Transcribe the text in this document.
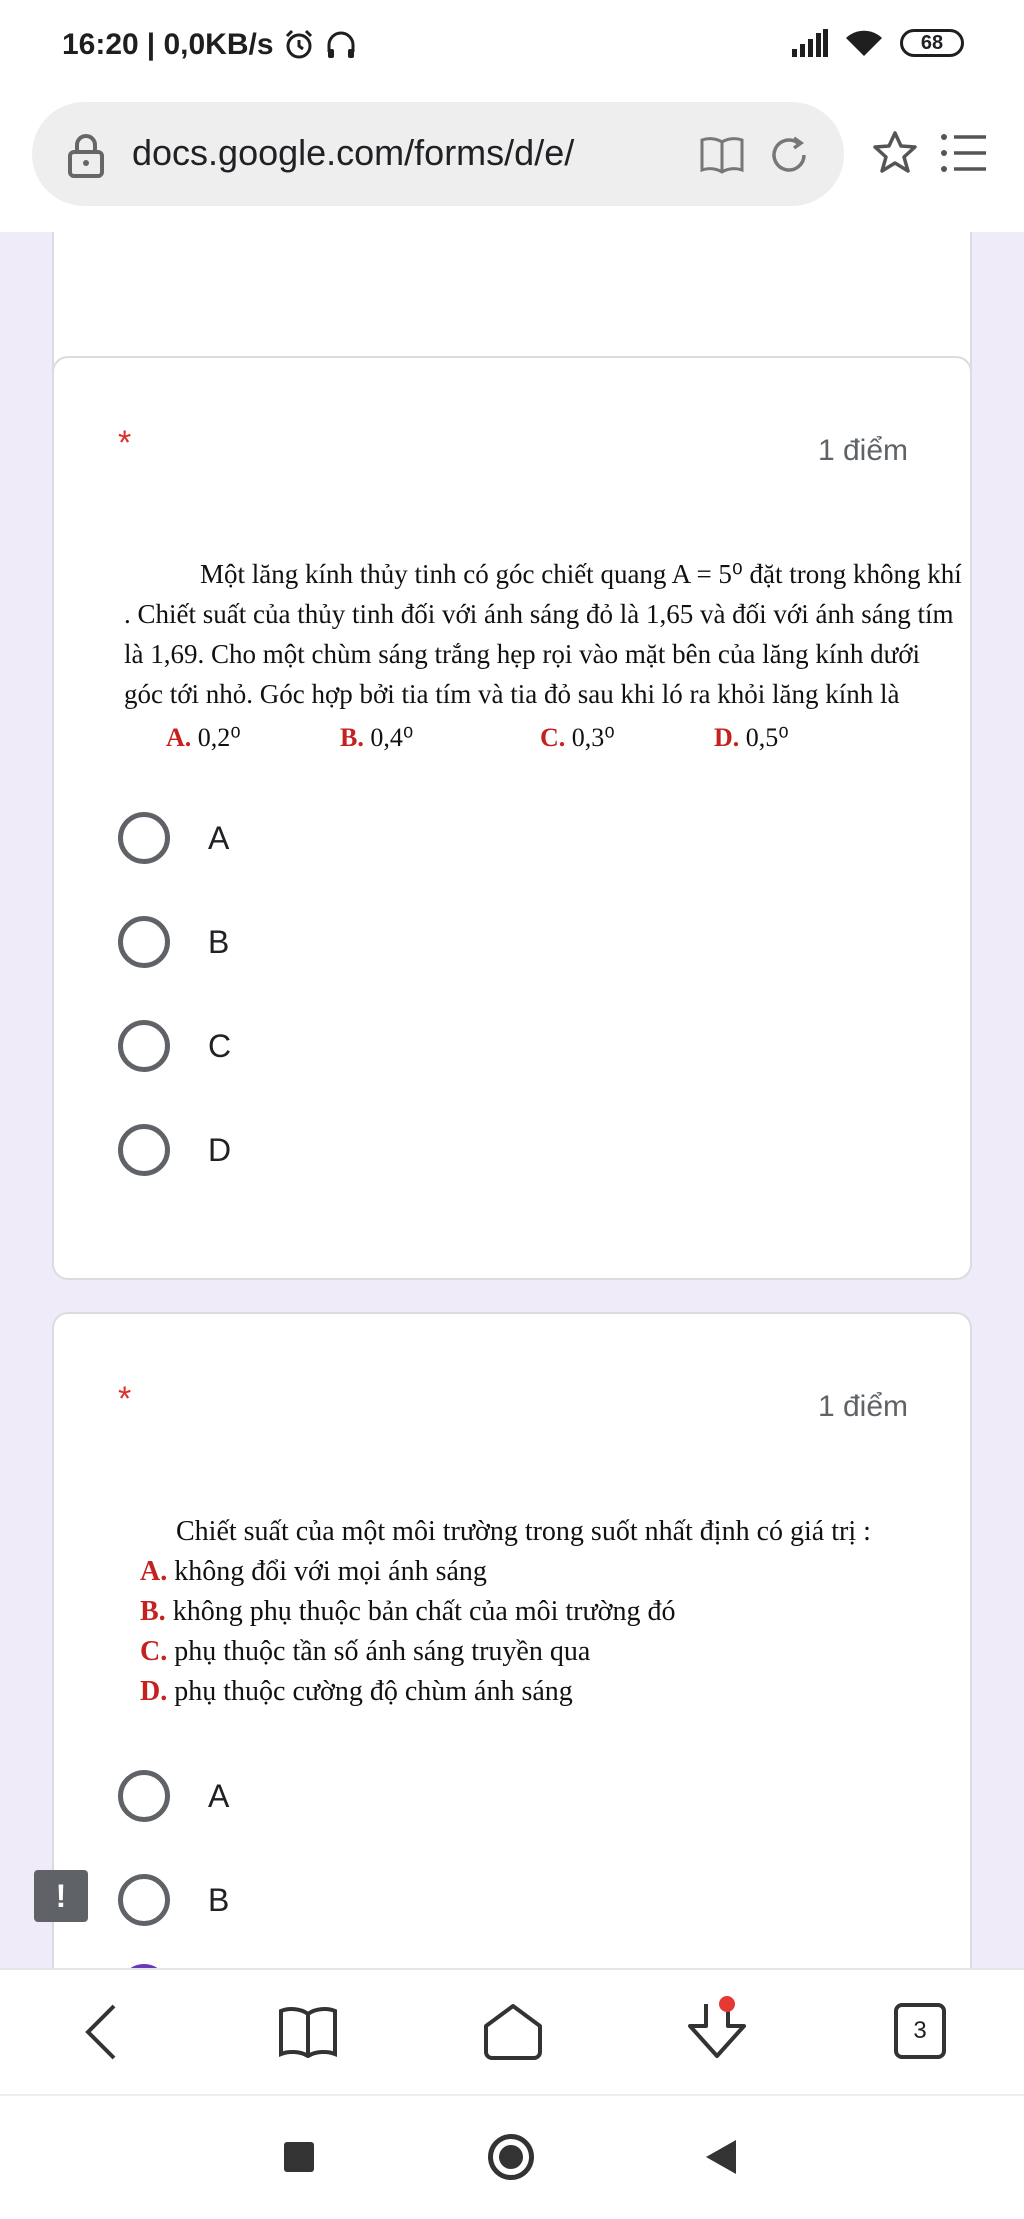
16:20 | 0,0KB/s	68
docs.google.com/forms/d/e/
*	1 điểm

Một lăng kính thủy tinh có góc chiết quang A = 5⁰ đặt trong không khí . Chiết suất của thủy tinh đối với ánh sáng đỏ là 1,65 và đối với ánh sáng tím là 1,69. Cho một chùm sáng trắng hẹp rọi vào mặt bên của lăng kính dưới góc tới nhỏ. Góc hợp bởi tia tím và tia đỏ sau khi ló ra khỏi lăng kính là

A. 0,2⁰	B. 0,4⁰	C. 0,3⁰	D. 0,5⁰
A
B
C
D
*	1 điểm
Chiết suất của một môi trường trong suốt nhất định có giá trị :
A. không đổi với mọi ánh sáng
B. không phụ thuộc bản chất của môi trường đó
C. phụ thuộc tần số ánh sáng truyền qua
D. phụ thuộc cường độ chùm ánh sáng
A
B
!
3
